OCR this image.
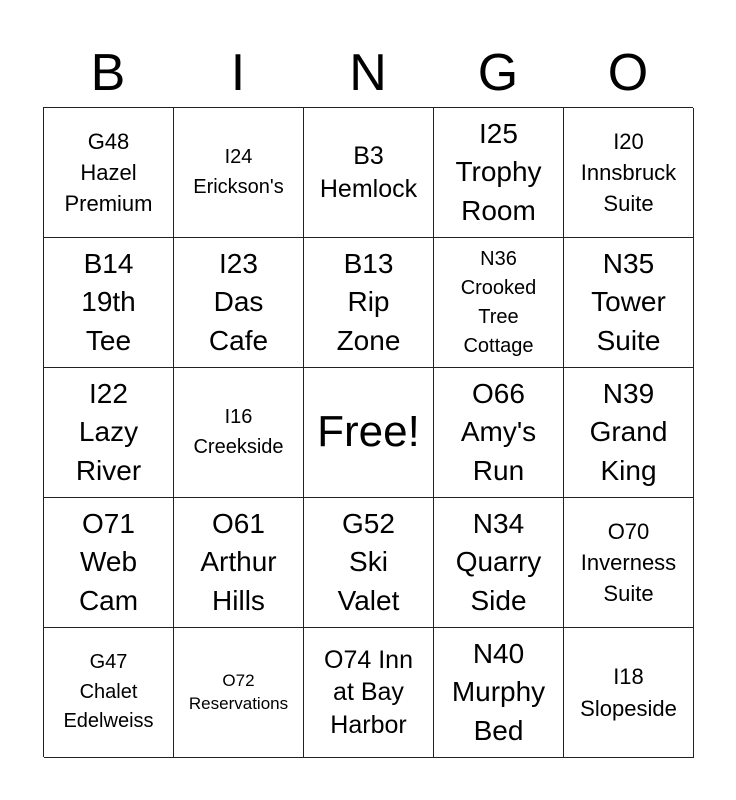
B	I	N	G	O
G48
Hazel
Premium
I24
Erickson's
B3
Hemlock
I25
Trophy
Room
I20
Innsbruck
Suite
B14
19th
Tee
I23
Das
Cafe
B13
Rip
Zone
N36
Crooked
Tree
Cottage
N35
Tower
Suite
I22
Lazy
River
I16
Creekside Free!
O66
Amy's
Run
N39
Grand
King
O71
Web
Cam
O61
Arthur
Hills
G52
Ski
Valet
N34
Quarry
Side
O70
Inverness
Suite
G47
Chalet
Edelweiss
O72
Reservations
O74 Inn
at Bay
Harbor
N40
Murphy
Bed
I18
Slopeside
